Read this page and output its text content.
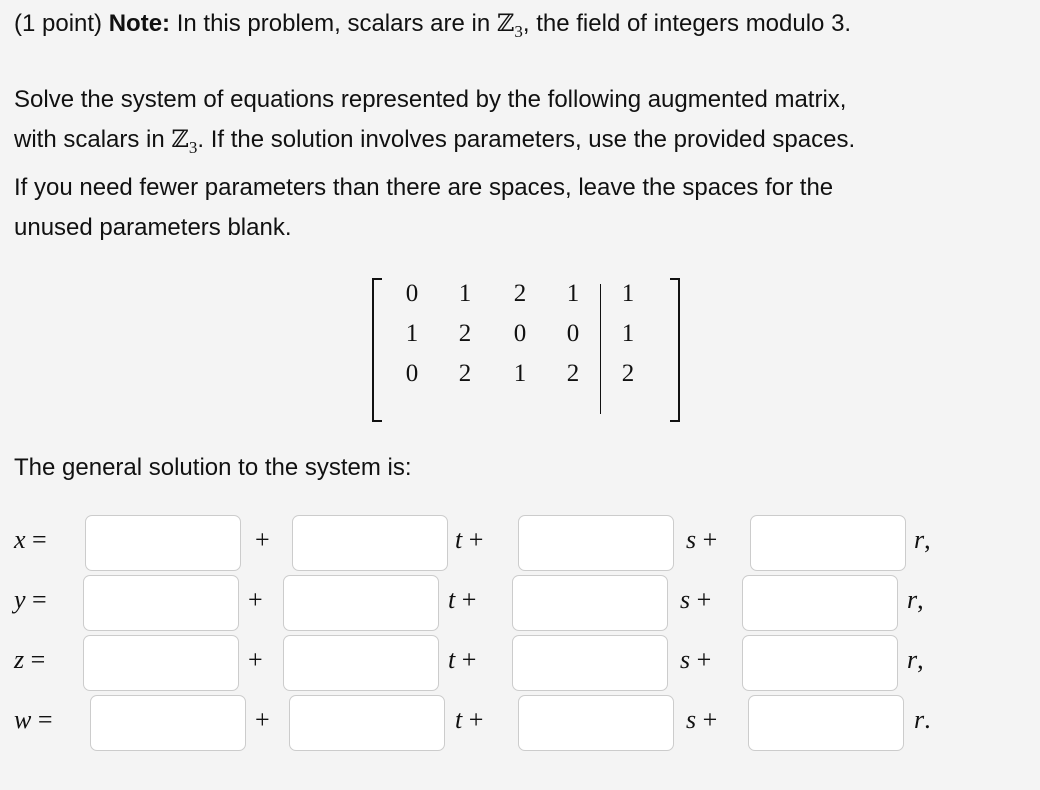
(1 point) Note: In this problem, scalars are in ℤ$_3$, the field of integers modulo 3.

Solve the system of equations represented by the following augmented matrix,
with scalars in ℤ$_3$. If the solution involves parameters, use the provided spaces.
If you need fewer parameters than there are spaces, leave the spaces for the
unused parameters blank.
0	1	2	1	1
1	2	0	0	1
0	2	1	2	2

The general solution to the system is:

x =	+	t +	s +	r,
y =	+	t +	s +	r,
z =	+	t +	s +	r,
w =	+	t +	s +	r.
